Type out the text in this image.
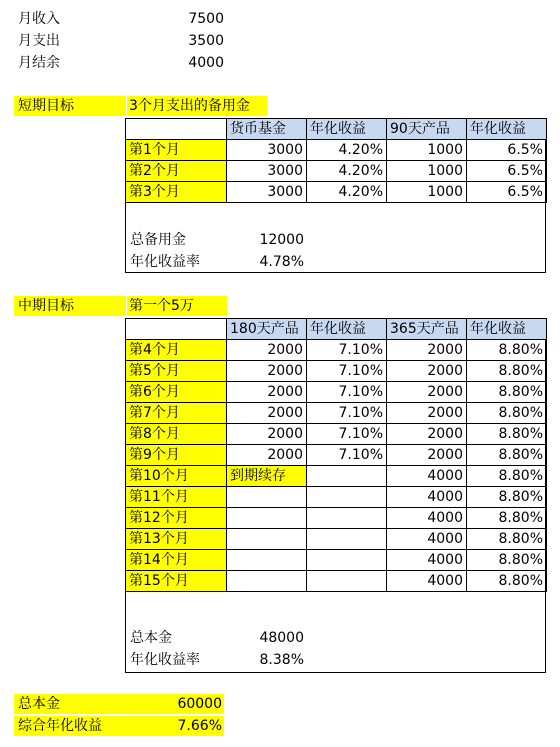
月收入	7500
月支出	3500
月结余	4000
短期目标	3个月支出的备用金
	货币基金	年化收益	90天产品	年化收益
第1个月	3000	4.20%	1000	6.5%
第2个月	3000	4.20%	1000	6.5%
第3个月	3000	4.20%	1000	6.5%
总备用金	12000
年化收益率	4.78%
中期目标	第一个5万
	180天产品	年化收益	365天产品	年化收益
第4个月	2000	7.10%	2000	8.80%
第5个月	2000	7.10%	2000	8.80%
第6个月	2000	7.10%	2000	8.80%
第7个月	2000	7.10%	2000	8.80%
第8个月	2000	7.10%	2000	8.80%
第9个月	2000	7.10%	2000	8.80%
第10个月	到期续存		4000	8.80%
第11个月			4000	8.80%
第12个月			4000	8.80%
第13个月			4000	8.80%
第14个月			4000	8.80%
第15个月			4000	8.80%
总本金	48000
年化收益率	8.38%
总本金	60000
综合年化收益	7.66%
